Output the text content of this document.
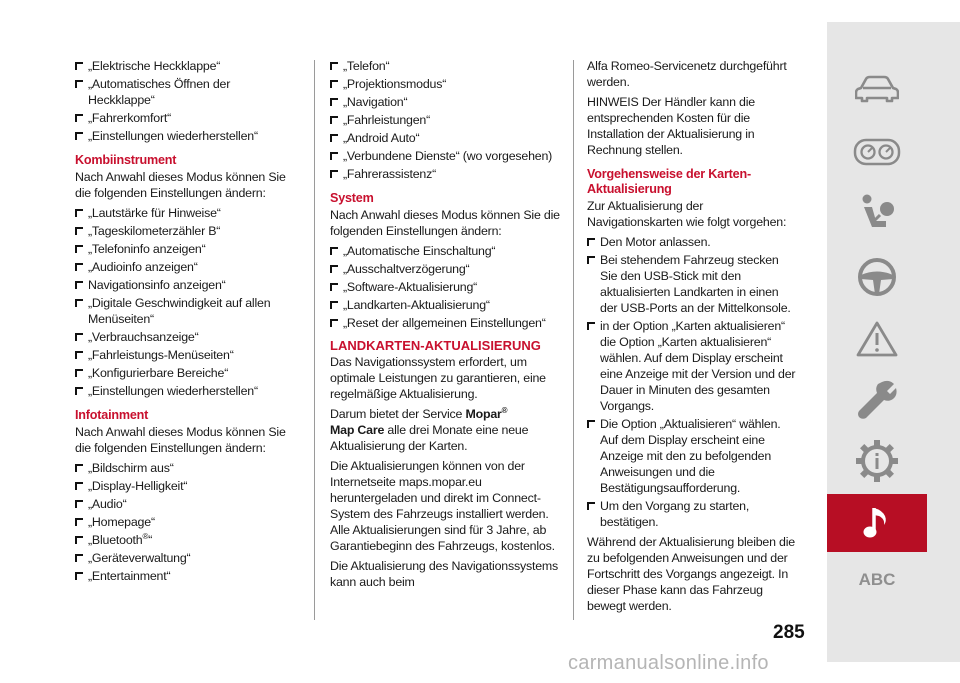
„Elektrische Heckklappe“
„Automatisches Öffnen der Heckklappe“
„Fahrerkomfort“
„Einstellungen wiederherstellen“
Kombiinstrument

Nach Anwahl dieses Modus können Sie die folgenden Einstellungen ändern:

„Lautstärke für Hinweise“
„Tageskilometerzähler B“
„Telefoninfo anzeigen“
„Audioinfo anzeigen“
Navigationsinfo anzeigen“
„Digitale Geschwindigkeit auf allen Menüseiten“
„Verbrauchsanzeige“
„Fahrleistungs-Menüseiten“
„Konfigurierbare Bereiche“
„Einstellungen wiederherstellen“
Infotainment

Nach Anwahl dieses Modus können Sie die folgenden Einstellungen ändern:

„Bildschirm aus“
„Display-Helligkeit“
„Audio“
„Homepage“
„Bluetooth®“
„Geräteverwaltung“
„Entertainment“
„Telefon“
„Projektionsmodus“
„Navigation“
„Fahrleistungen“
„Android Auto“
„Verbundene Dienste“ (wo vorgesehen)
„Fahrerassistenz“
System

Nach Anwahl dieses Modus können Sie die folgenden Einstellungen ändern:

„Automatische Einschaltung“
„Ausschaltverzögerung“
„Software-Aktualisierung“
„Landkarten-Aktualisierung“
„Reset der allgemeinen Einstellungen“
LANDKARTEN-AKTUALISIERUNG

Das Navigationssystem erfordert, um optimale Leistungen zu garantieren, eine regelmäßige Aktualisierung.

Darum bietet der Service Mopar®
Map Care alle drei Monate eine neue Aktualisierung der Karten.

Die Aktualisierungen können von der Internetseite maps.mopar.eu heruntergeladen und direkt im Connect-System des Fahrzeugs installiert werden. Alle Aktualisierungen sind für 3 Jahre, ab Garantiebeginn des Fahrzeugs, kostenlos.

Die Aktualisierung des Navigationssystems kann auch beim

Alfa Romeo-Servicenetz durchgeführt werden.

HINWEIS Der Händler kann die entsprechenden Kosten für die Installation der Aktualisierung in Rechnung stellen.

Vorgehensweise der Karten-Aktualisierung

Zur Aktualisierung der Navigationskarten wie folgt vorgehen:

Den Motor anlassen.
Bei stehendem Fahrzeug stecken Sie den USB-Stick mit den aktualisierten Landkarten in einen der USB-Ports an der Mittelkonsole.
in der Option „Karten aktualisieren“ die Option „Karten aktualisieren“ wählen. Auf dem Display erscheint eine Anzeige mit der Version und der Dauer in Minuten des gesamten Vorgangs.
Die Option „Aktualisieren“ wählen. Auf dem Display erscheint eine Anzeige mit den zu befolgenden Anweisungen und die Bestätigungsaufforderung.
Um den Vorgang zu starten, bestätigen.

Während der Aktualisierung bleiben die zu befolgenden Anweisungen und der Fortschritt des Vorgangs angezeigt. In dieser Phase kann das Fahrzeug bewegt werden.

ABC
285
carmanualsonline.info
